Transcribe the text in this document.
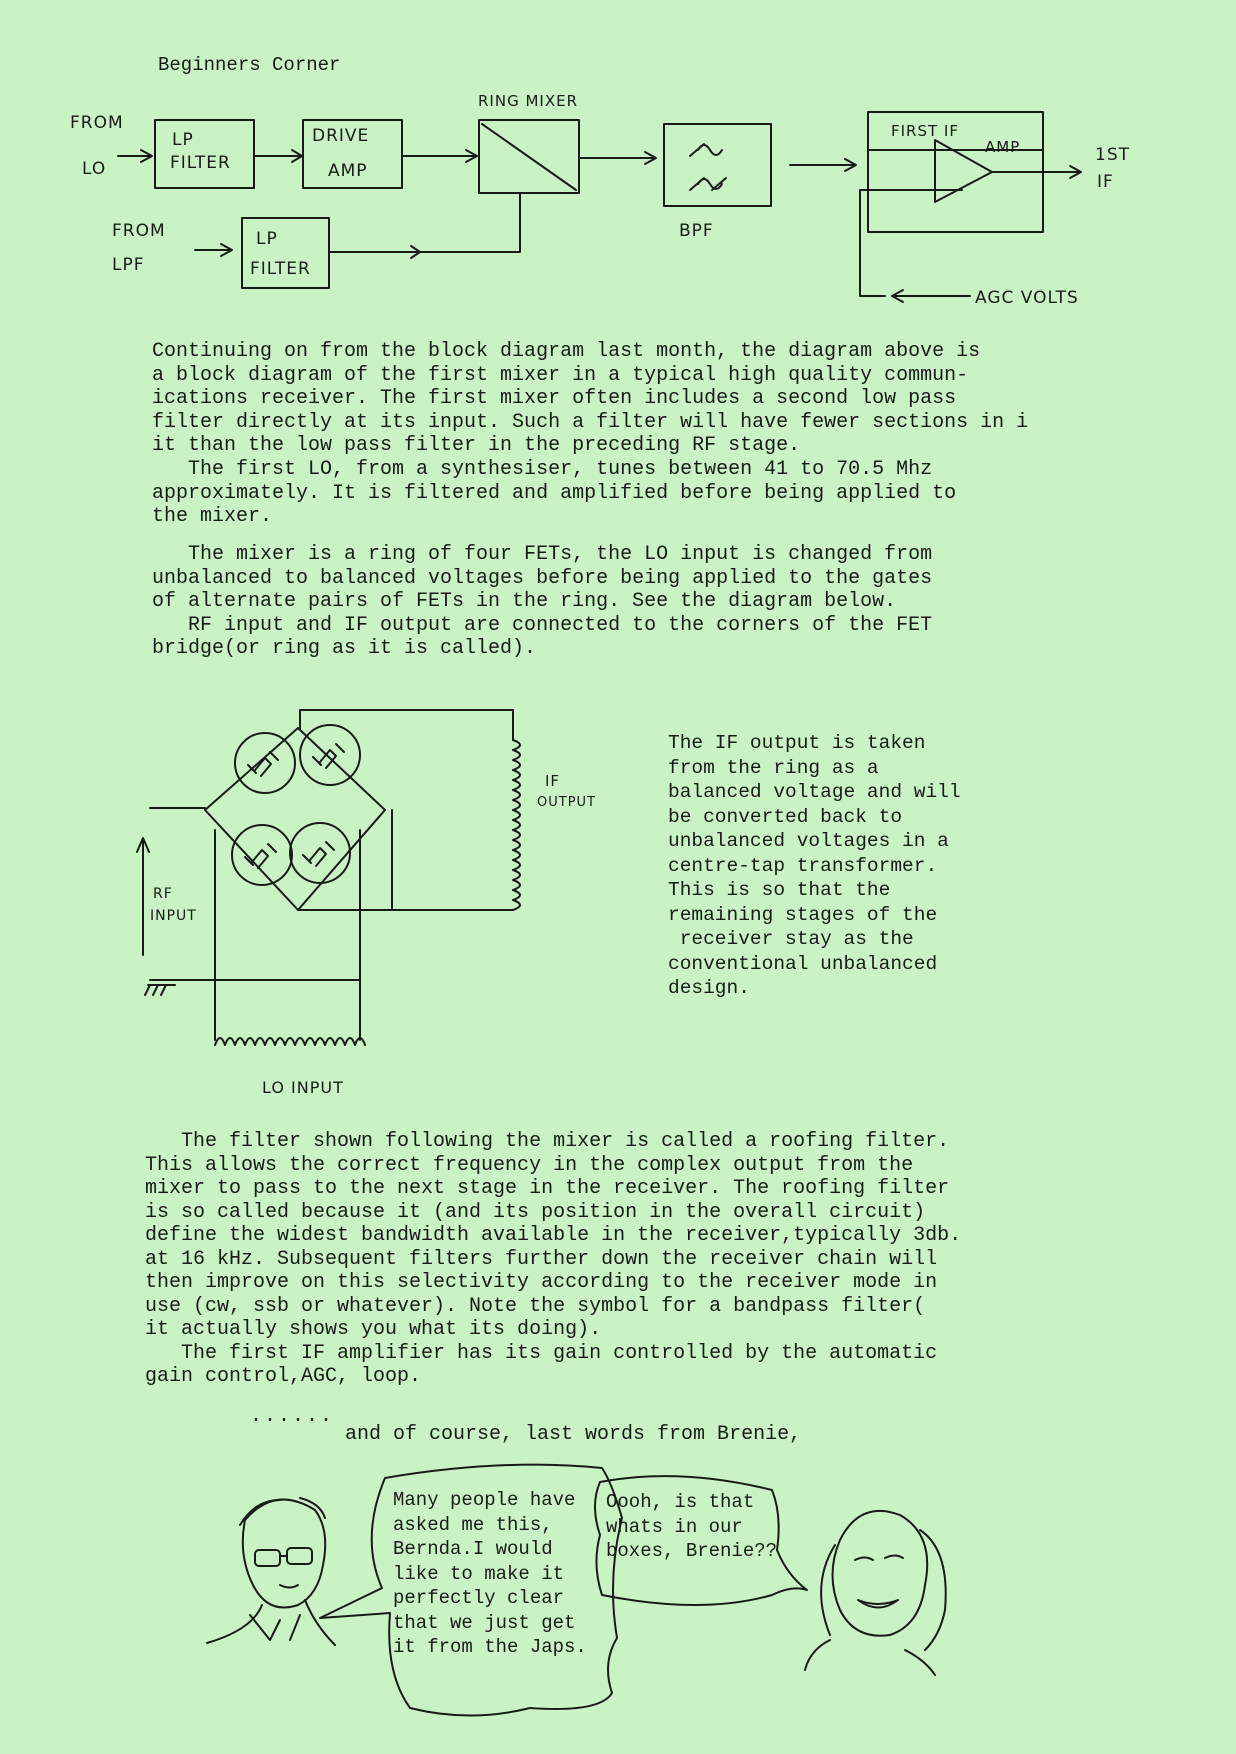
Beginners Corner
FROM
LO
LP
FILTER
DRIVE
AMP
RING MIXER
BPF
FIRST IF
AMP	1ST
IF
FROM
LPF
LP
FILTER
AGC VOLTS
Continuing on from the block diagram last month, the diagram above is
a block diagram of the first mixer in a typical high quality commun-
ications receiver. The first mixer often includes a second low pass
filter directly at its input. Such a filter will have fewer sections in i
it than the low pass filter in the preceding RF stage.
The first LO, from a synthesiser, tunes between 41 to 70.5 Mhz
approximately. It is filtered and amplified before being applied to
the mixer.
The mixer is a ring of four FETs, the LO input is changed from
unbalanced to balanced voltages before being applied to the gates
of alternate pairs of FETs in the ring. See the diagram below.
RF input and IF output are connected to the corners of the FET
bridge(or ring as it is called).
IF
OUTPUT
RF
INPUT
LO INPUT
The IF output is taken
from the ring as a
balanced voltage and will
be converted back to
unbalanced voltages in a
centre-tap transformer.
This is so that the
remaining stages of the
receiver stay as the
conventional unbalanced
design.
The filter shown following the mixer is called a roofing filter.
This allows the correct frequency in the complex output from the
mixer to pass to the next stage in the receiver. The roofing filter
is so called because it (and its position in the overall circuit)
define the widest bandwidth available in the receiver,typically 3db.
at 16 kHz. Subsequent filters further down the receiver chain will
then improve on this selectivity according to the receiver mode in
use (cw, ssb or whatever). Note the symbol for a bandpass filter(
it actually shows you what its doing).
The first IF amplifier has its gain controlled by the automatic
gain control,AGC, loop.
......
and of course, last words from Brenie,
Many people have
asked me this,
Bernda.I would
like to make it
perfectly clear
that we just get
it from the Japs.
Oooh, is that
whats in our
boxes, Brenie??
